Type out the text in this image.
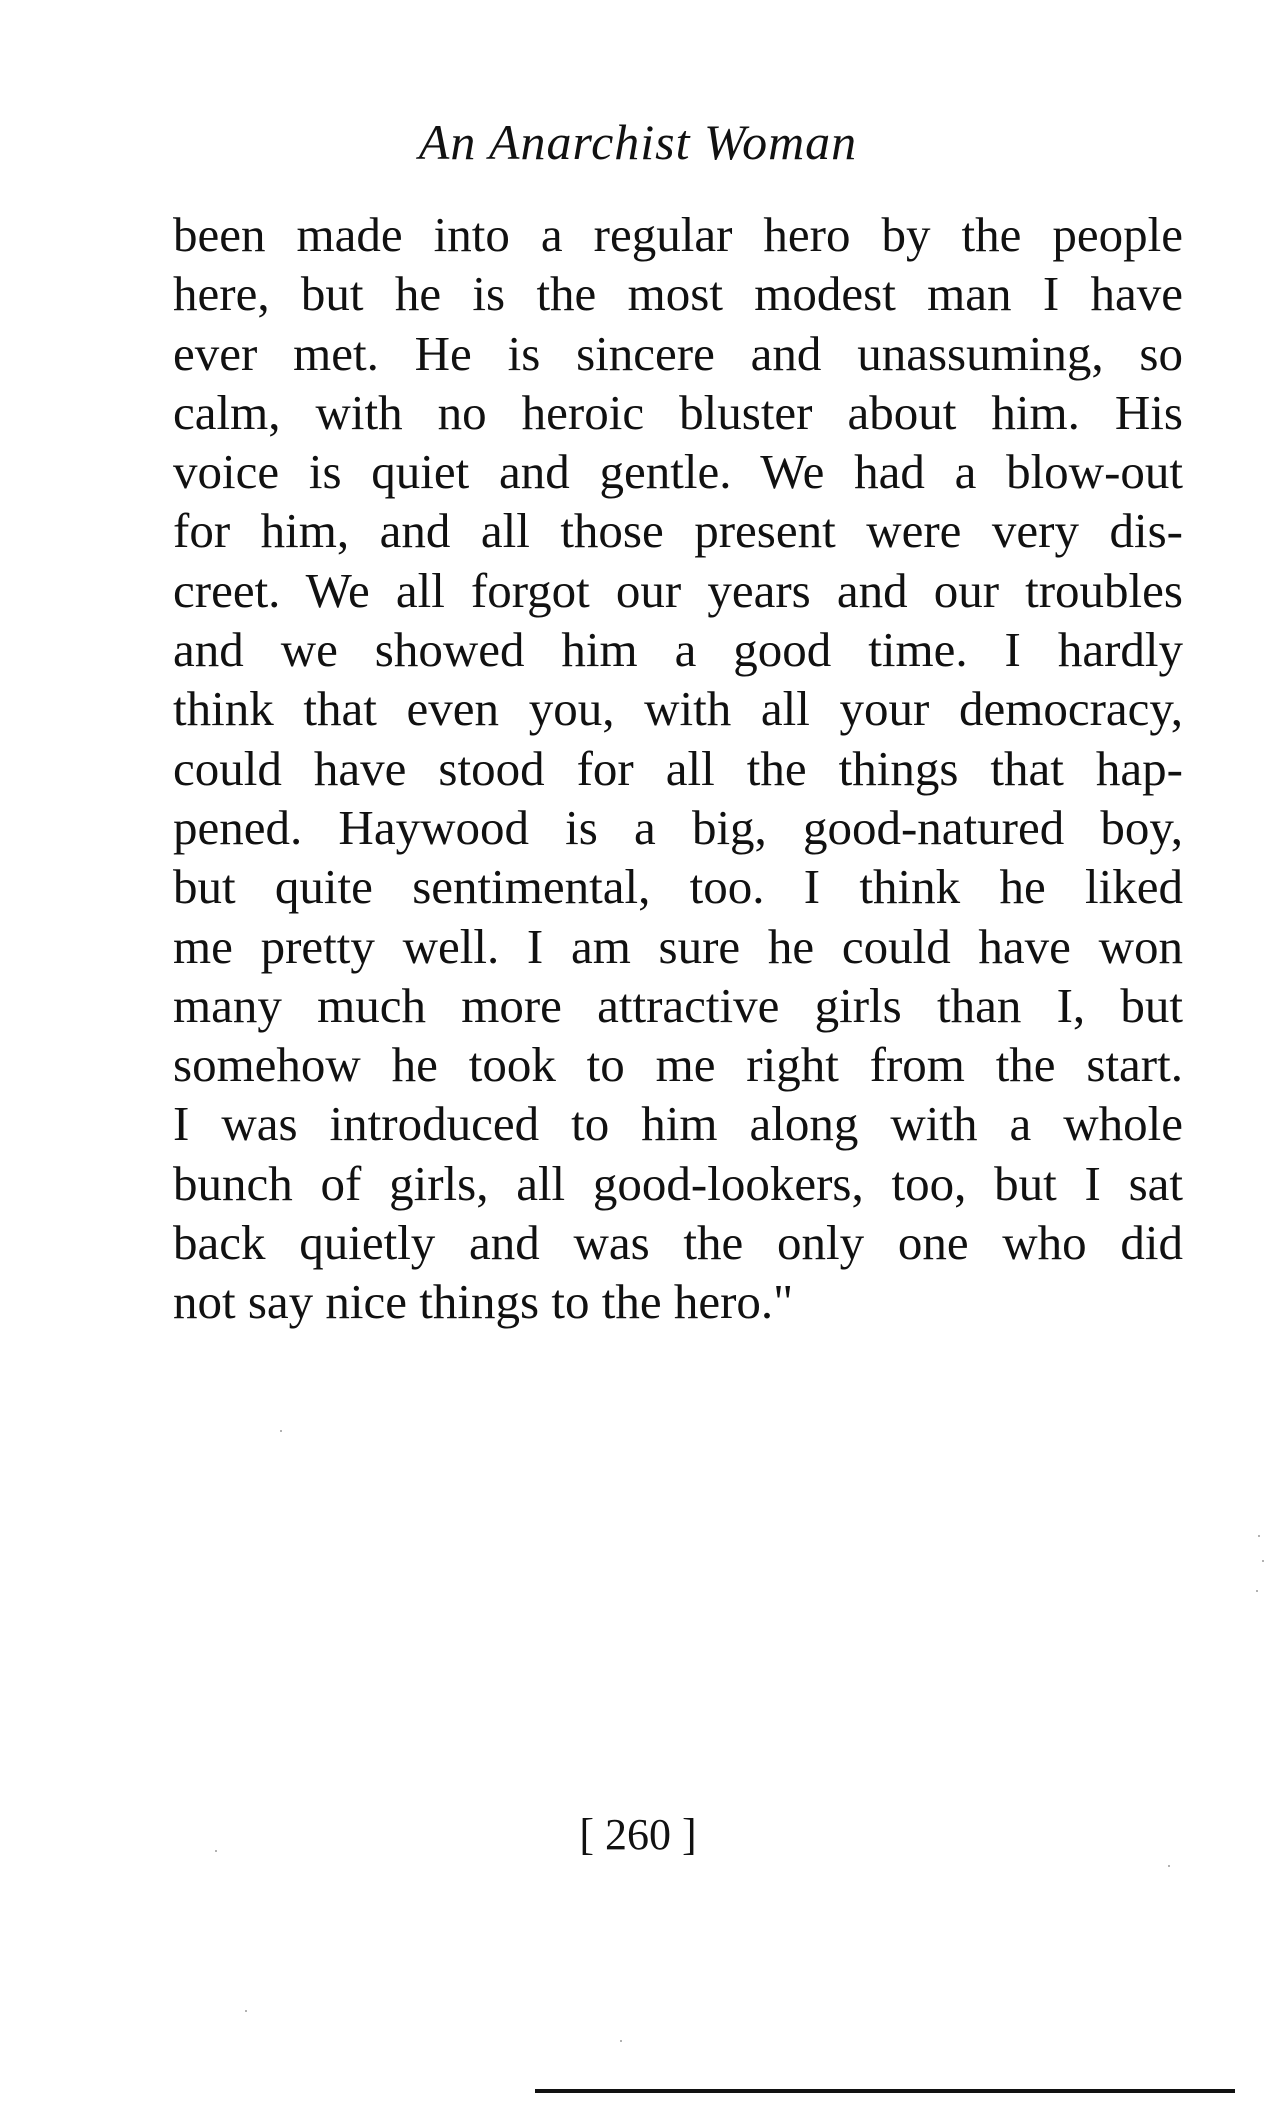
An Anarchist Woman
been made into a regular hero by the people
here, but he is the most modest man I have
ever met. He is sincere and unassuming, so
calm, with no heroic bluster about him. His
voice is quiet and gentle. We had a blow-out
for him, and all those present were very dis-
creet. We all forgot our years and our troubles
and we showed him a good time. I hardly
think that even you, with all your democracy,
could have stood for all the things that hap-
pened. Haywood is a big, good-natured boy,
but quite sentimental, too. I think he liked
me pretty well. I am sure he could have won
many much more attractive girls than I, but
somehow he took to me right from the start.
I was introduced to him along with a whole
bunch of girls, all good-lookers, too, but I sat
back quietly and was the only one who did
not say nice things to the hero."
[ 260 ]
